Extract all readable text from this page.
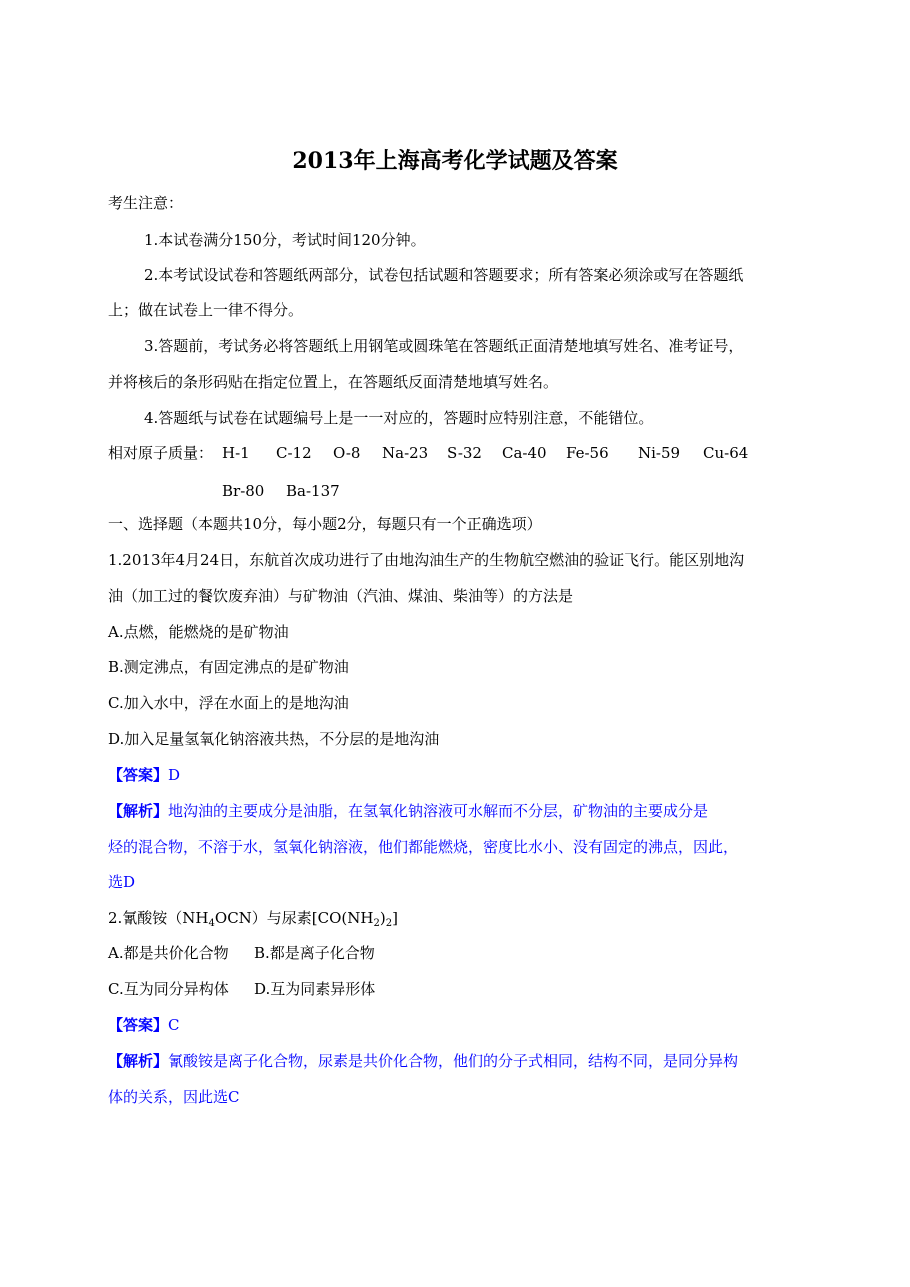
2013年上海高考化学试题及答案
考生注意：
1.本试卷满分150分，考试时间120分钟。
2.本考试设试卷和答题纸两部分，试卷包括试题和答题要求；所有答案必须涂或写在答题纸
上；做在试卷上一律不得分。
3.答题前，考试务必将答题纸上用钢笔或圆珠笔在答题纸正面清楚地填写姓名、准考证号，
并将核后的条形码贴在指定位置上，在答题纸反面清楚地填写姓名。
4.答题纸与试卷在试题编号上是一一对应的，答题时应特别注意，不能错位。
相对原子质量： H-1 C-12 O-8 Na-23 S-32 Ca-40 Fe-56 Ni-59 Cu-64
Br-80 Ba-137
一、选择题（本题共10分，每小题2分，每题只有一个正确选项）
1.2013年4月24日，东航首次成功进行了由地沟油生产的生物航空燃油的验证飞行。能区别地沟
油（加工过的餐饮废弃油）与矿物油（汽油、煤油、柴油等）的方法是
A.点燃，能燃烧的是矿物油
B.测定沸点，有固定沸点的是矿物油
C.加入水中，浮在水面上的是地沟油
D.加入足量氢氧化钠溶液共热，不分层的是地沟油
【答案】D
【解析】地沟油的主要成分是油脂，在氢氧化钠溶液可水解而不分层，矿物油的主要成分是
烃的混合物，不溶于水，氢氧化钠溶液，他们都能燃烧，密度比水小、没有固定的沸点，因此，
选D
2.氰酸铵$(NH_4OCN)$与尿素$[CO(NH_2)_2]$
A.都是共价化合物 B.都是离子化合物
C.互为同分异构体 D.互为同素异形体
【答案】C
【解析】氰酸铵是离子化合物，尿素是共价化合物，他们的分子式相同，结构不同，是同分异构
体的关系，因此选C
